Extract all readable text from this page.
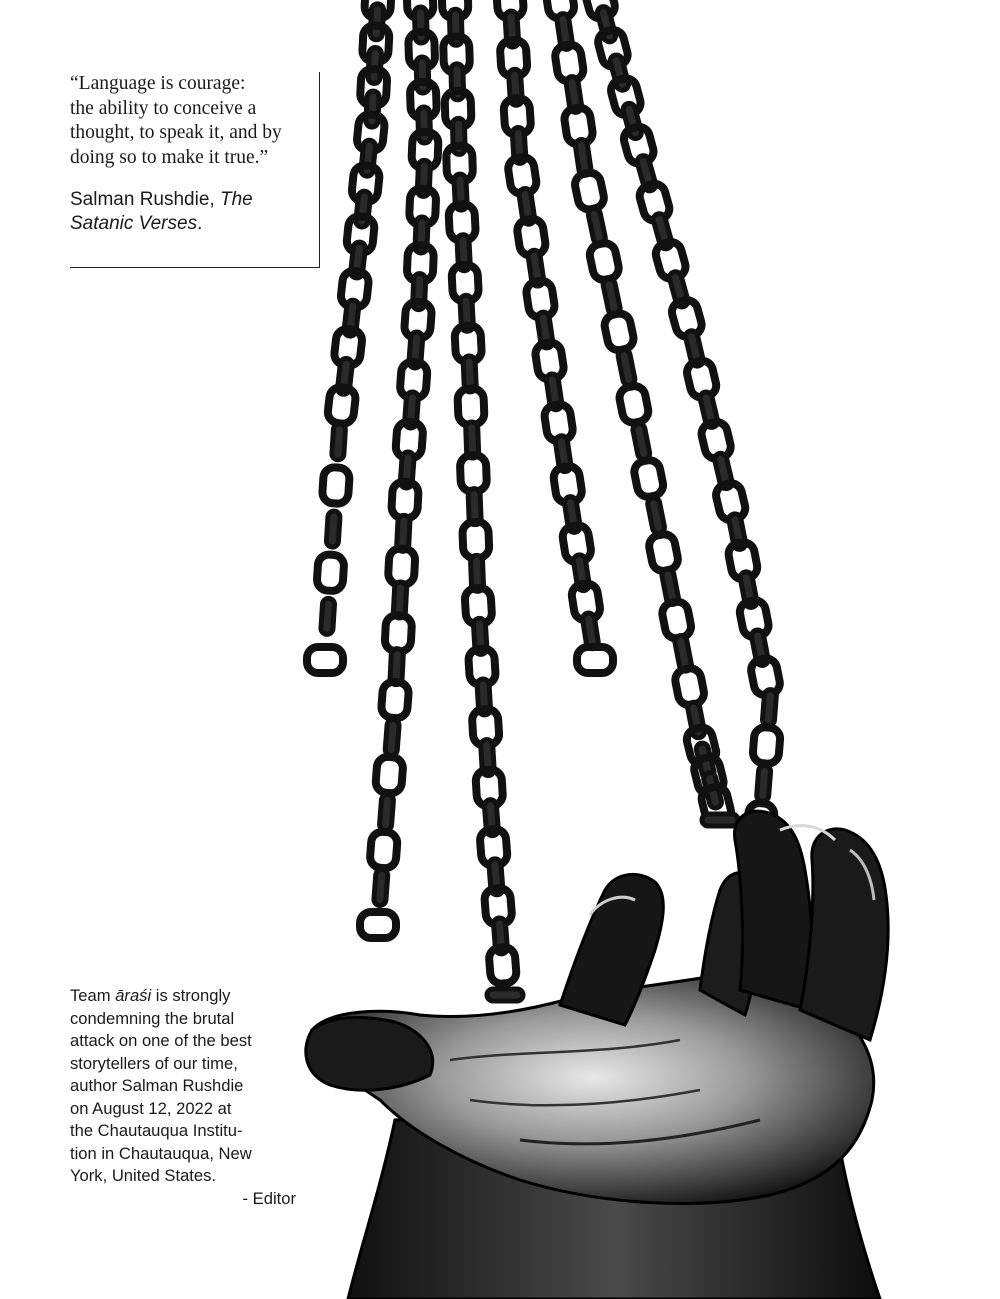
“Language is courage:
the ability to conceive a
thought, to speak it, and by
doing so to make it true.”

Salman Rushdie, The
Satanic Verses.
Team āraśi is strongly
condemning the brutal
attack on one of the best
storytellers of our time,
author Salman Rushdie
on August 12, 2022 at
the Chautauqua Institu-
tion in Chautauqua, New
York, United States.
- Editor
